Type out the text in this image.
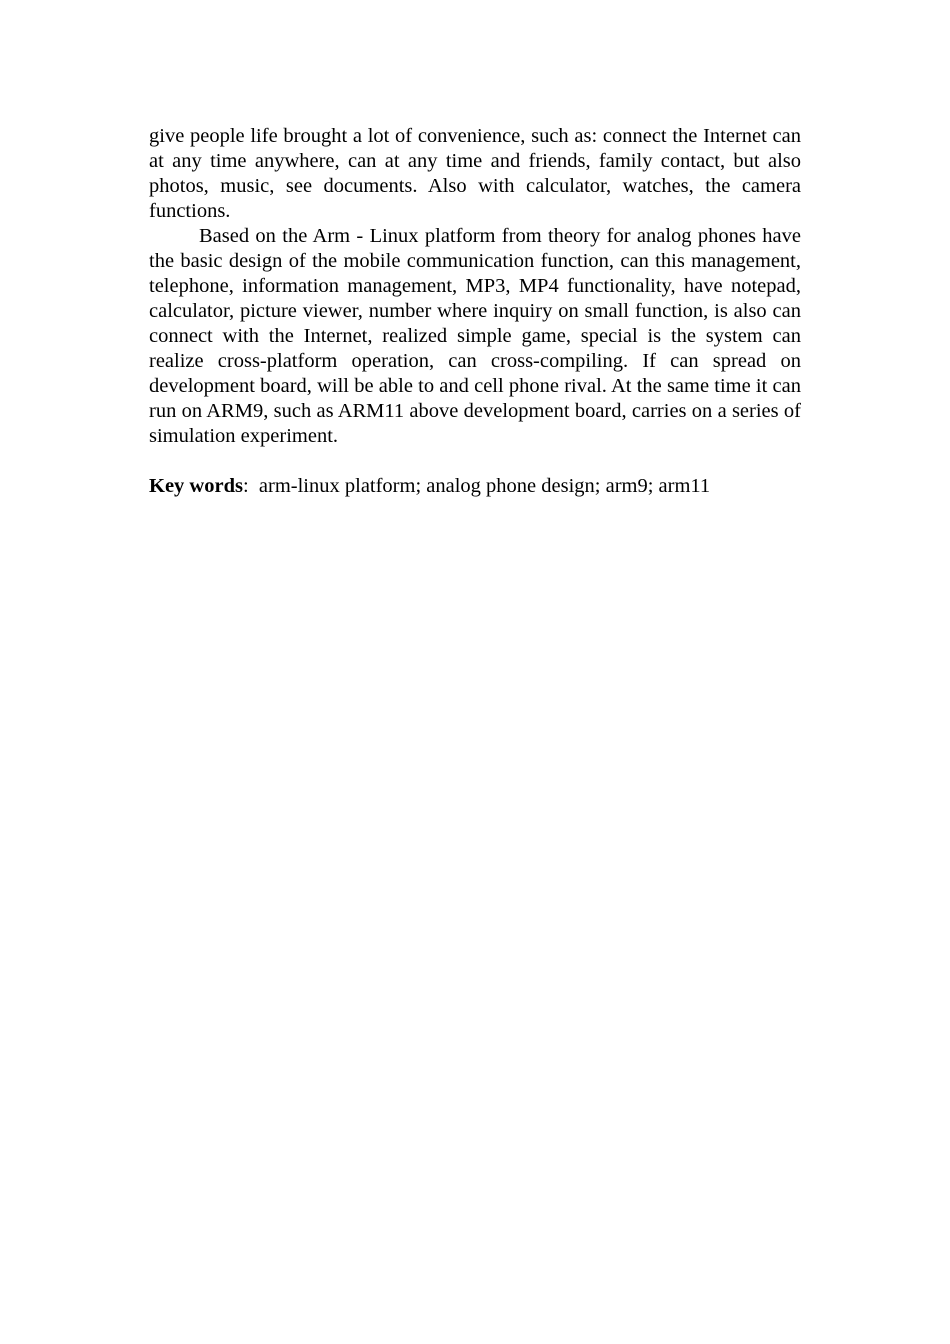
give people life brought a lot of convenience, such as: connect the Internet can at any time anywhere, can at any time and friends, family contact, but also photos, music, see documents. Also with calculator, watches, the camera functions.

Based on the Arm - Linux platform from theory for analog phones have the basic design of the mobile communication function, can this management, telephone, information management, MP3, MP4 functionality, have notepad, calculator, picture viewer, number where inquiry on small function, is also can connect with the Internet, realized simple game, special is the system can realize cross-platform operation, can cross-compiling. If can spread on development board, will be able to and cell phone rival. At the same time it can run on ARM9, such as ARM11 above development board, carries on a series of simulation experiment.

Key words: arm-linux platform; analog phone design; arm9; arm11
